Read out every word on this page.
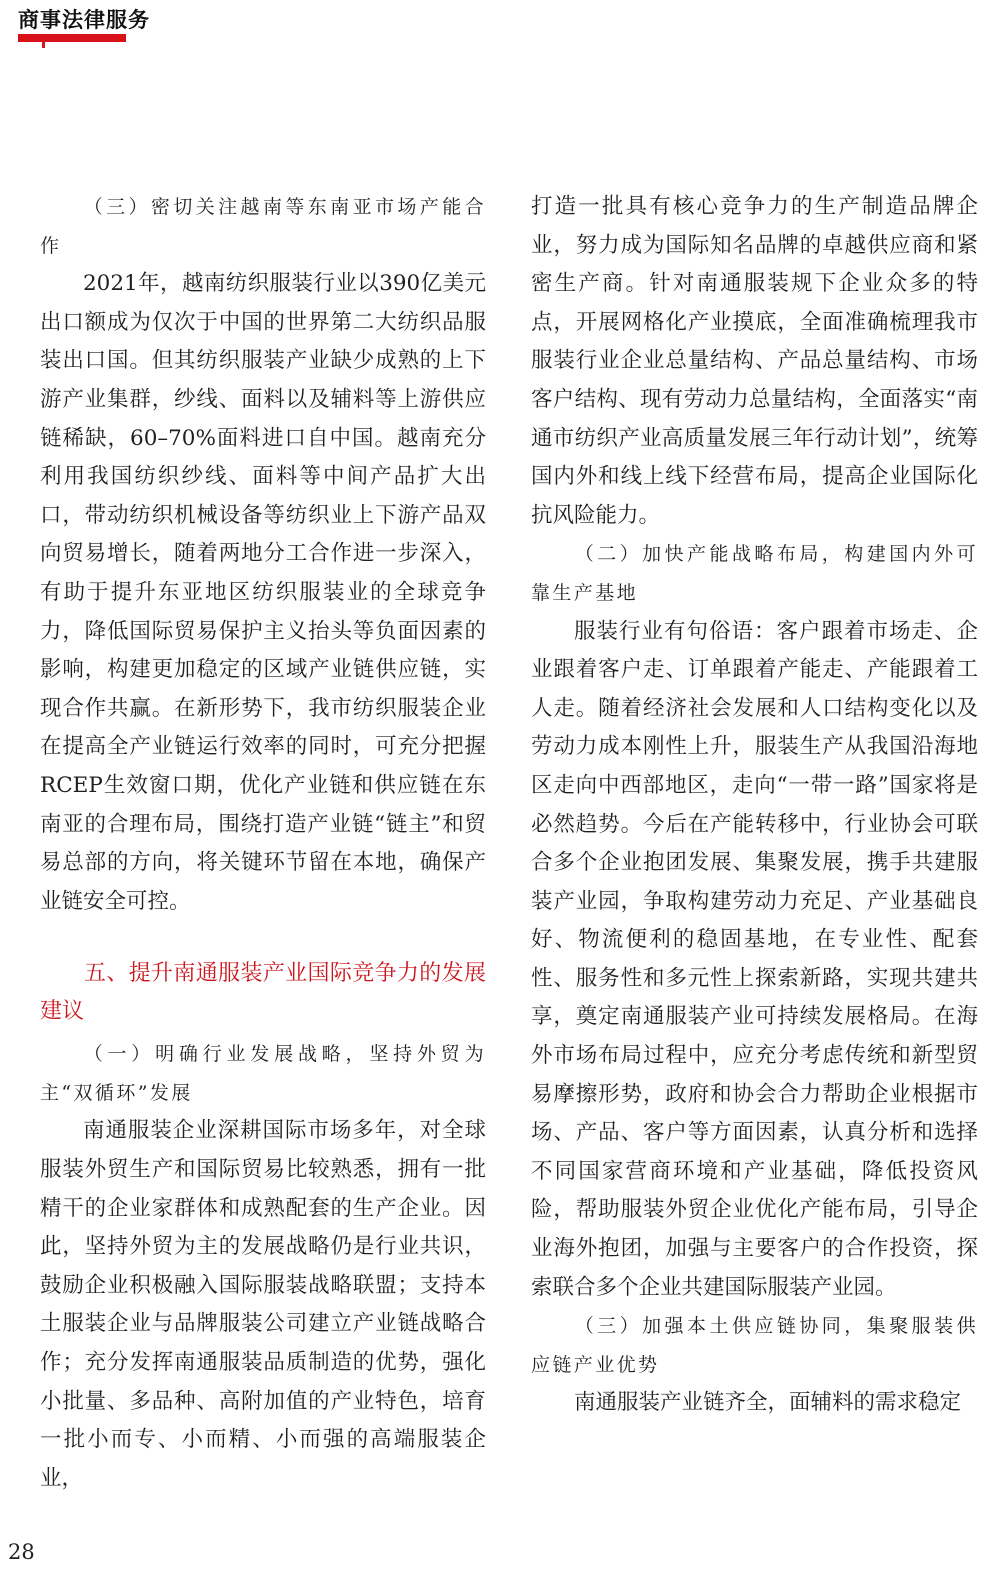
商事法律服务

（三）密切关注越南等东南亚市场产能合作

2021年，越南纺织服装行业以390亿美元出口额成为仅次于中国的世界第二大纺织品服装出口国。但其纺织服装产业缺少成熟的上下游产业集群，纱线、面料以及辅料等上游供应链稀缺，60–70%面料进口自中国。越南充分利用我国纺织纱线、面料等中间产品扩大出口，带动纺织机械设备等纺织业上下游产品双向贸易增长，随着两地分工合作进一步深入，有助于提升东亚地区纺织服装业的全球竞争力，降低国际贸易保护主义抬头等负面因素的影响，构建更加稳定的区域产业链供应链，实现合作共赢。在新形势下，我市纺织服装企业在提高全产业链运行效率的同时，可充分把握RCEP生效窗口期，优化产业链和供应链在东南亚的合理布局，围绕打造产业链“链主”和贸易总部的方向，将关键环节留在本地，确保产业链安全可控。

五、提升南通服装产业国际竞争力的发展建议

（一）明确行业发展战略，坚持外贸为主“双循环”发展

南通服装企业深耕国际市场多年，对全球服装外贸生产和国际贸易比较熟悉，拥有一批精干的企业家群体和成熟配套的生产企业。因此，坚持外贸为主的发展战略仍是行业共识，鼓励企业积极融入国际服装战略联盟；支持本土服装企业与品牌服装公司建立产业链战略合作；充分发挥南通服装品质制造的优势，强化小批量、多品种、高附加值的产业特色，培育一批小而专、小而精、小而强的高端服装企业，

打造一批具有核心竞争力的生产制造品牌企业，努力成为国际知名品牌的卓越供应商和紧密生产商。针对南通服装规下企业众多的特点，开展网格化产业摸底，全面准确梳理我市服装行业企业总量结构、产品总量结构、市场客户结构、现有劳动力总量结构，全面落实“南通市纺织产业高质量发展三年行动计划”，统筹国内外和线上线下经营布局，提高企业国际化抗风险能力。

（二）加快产能战略布局，构建国内外可靠生产基地

服装行业有句俗语：客户跟着市场走、企业跟着客户走、订单跟着产能走、产能跟着工人走。随着经济社会发展和人口结构变化以及劳动力成本刚性上升，服装生产从我国沿海地区走向中西部地区，走向“一带一路”国家将是必然趋势。今后在产能转移中，行业协会可联合多个企业抱团发展、集聚发展，携手共建服装产业园，争取构建劳动力充足、产业基础良好、物流便利的稳固基地，在专业性、配套性、服务性和多元性上探索新路，实现共建共享，奠定南通服装产业可持续发展格局。在海外市场布局过程中，应充分考虑传统和新型贸易摩擦形势，政府和协会合力帮助企业根据市场、产品、客户等方面因素，认真分析和选择不同国家营商环境和产业基础，降低投资风险，帮助服装外贸企业优化产能布局，引导企业海外抱团，加强与主要客户的合作投资，探索联合多个企业共建国际服装产业园。

（三）加强本土供应链协同，集聚服装供应链产业优势

南通服装产业链齐全，面辅料的需求稳定

28
